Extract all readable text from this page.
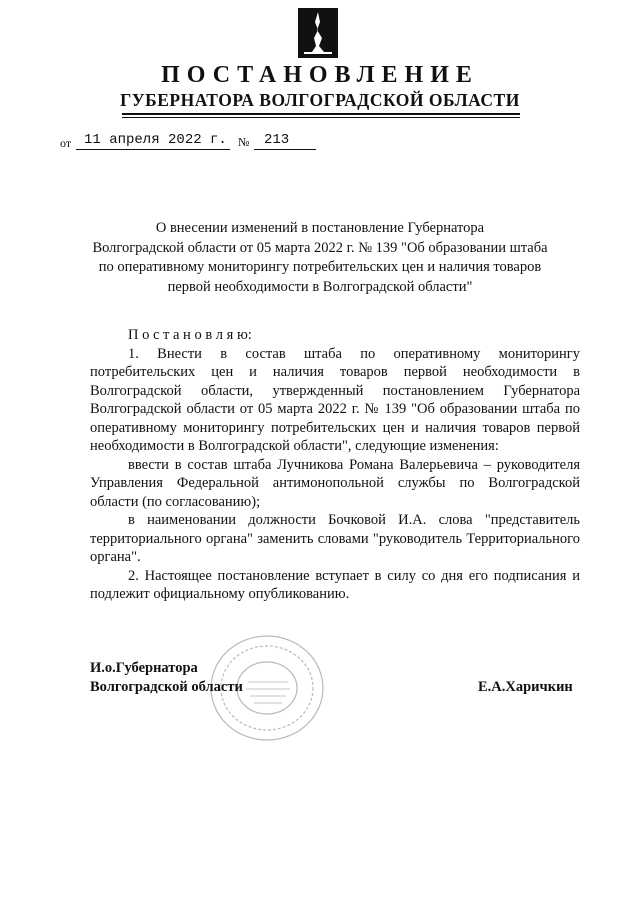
ПОСТАНОВЛЕНИЕ
ГУБЕРНАТОРА ВОЛГОГРАДСКОЙ ОБЛАСТИ
от 11 апреля 2022 г. № 213
О внесении изменений в постановление Губернатора
Волгоградской области от 05 марта 2022 г. № 139 "Об образовании штаба
по оперативному мониторингу потребительских цен и наличия товаров
первой необходимости в Волгоградской области"

П о с т а н о в л я ю:

1. Внести в состав штаба по оперативному мониторингу потребительских цен и наличия товаров первой необходимости в Волгоградской области, утвержденный постановлением Губернатора Волгоградской области от 05 марта 2022 г. № 139 "Об образовании штаба по оперативному мониторингу потребительских цен и наличия товаров первой необходимости в Волгоградской области", следующие изменения:

ввести в состав штаба Лучникова Романа Валерьевича – руководителя Управления Федеральной антимонопольной службы по Волгоградской области (по согласованию);

в наименовании должности Бочковой И.А. слова "представитель территориального органа" заменить словами "руководитель Территориального органа".

2. Настоящее постановление вступает в силу со дня его подписания и подлежит официальному опубликованию.

И.о.Губернатора
Волгоградской области	Е.А.Харичкин
